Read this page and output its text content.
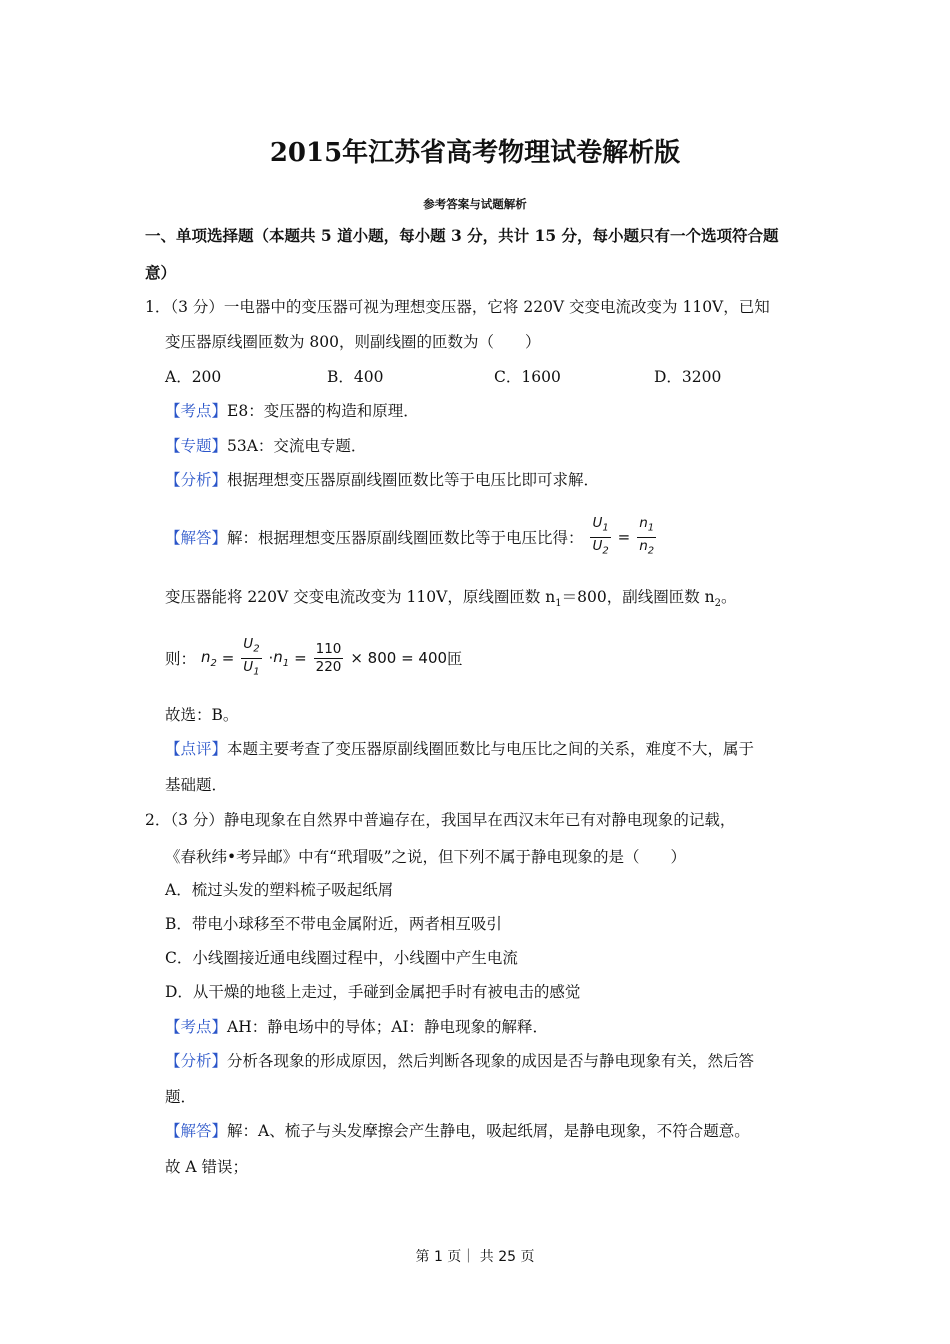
2015年江苏省高考物理试卷解析版
参考答案与试题解析
一、单项选择题（本题共 5 道小题，每小题 3 分，共计 15 分，每小题只有一个选项符合题
意）
1．（3 分）一电器中的变压器可视为理想变压器，它将 220V 交变电流改变为 110V，已知
变压器原线圈匝数为 800，则副线圈的匝数为（　　）
A．200	B．400	C．1600	D．3200
【考点】E8：变压器的构造和原理．
【专题】53A：交流电专题．
【分析】根据理想变压器原副线圈匝数比等于电压比即可求解．
【解答】解：根据理想变压器原副线圈匝数比等于电压比得： $\frac{U_1}{U_2} = \frac{n_1}{n_2}$
变压器能将 220V 交变电流改变为 110V，原线圈匝数 $n_1=800$，副线圈匝数 $n_2$。
则： $n_2 = \frac{U_2}{U_1} \cdot n_1 = \frac{110}{220} \times 800 = 400$匝
故选：B。
【点评】本题主要考查了变压器原副线圈匝数比与电压比之间的关系，难度不大，属于
基础题．
2．（3 分）静电现象在自然界中普遍存在，我国早在西汉末年已有对静电现象的记载，
《春秋纬•考异邮》中有“玳瑁吸”之说，但下列不属于静电现象的是（　　）
A．梳过头发的塑料梳子吸起纸屑
B．带电小球移至不带电金属附近，两者相互吸引
C．小线圈接近通电线圈过程中，小线圈中产生电流
D．从干燥的地毯上走过，手碰到金属把手时有被电击的感觉
【考点】AH：静电场中的导体；AI：静电现象的解释．
【分析】分析各现象的形成原因，然后判断各现象的成因是否与静电现象有关，然后答
题．
【解答】解：A、梳子与头发摩擦会产生静电，吸起纸屑，是静电现象，不符合题意。
故 A 错误；
第 1 页｜ 共 25 页
